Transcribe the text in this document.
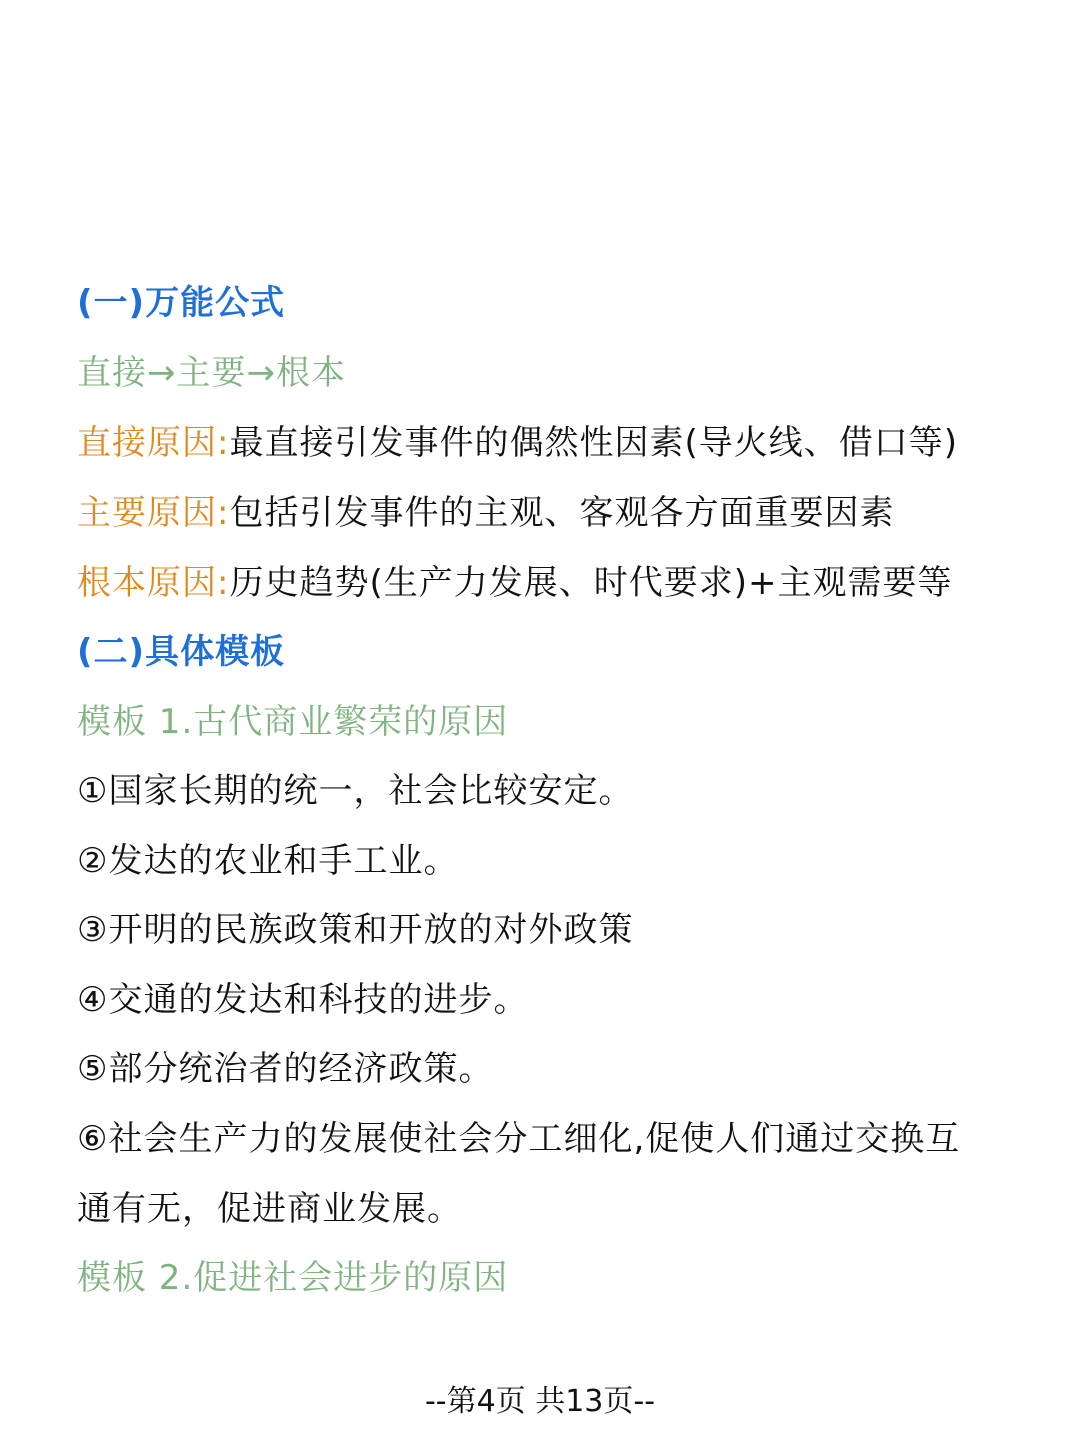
(一)万能公式
直接→主要→根本
直接原因:最直接引发事件的偶然性因素(导火线、借口等)
主要原因:包括引发事件的主观、客观各方面重要因素
根本原因:历史趋势(生产力发展、时代要求)+主观需要等
(二)具体模板
模板 1.古代商业繁荣的原因
①国家长期的统一，社会比较安定。
②发达的农业和手工业。
③开明的民族政策和开放的对外政策
④交通的发达和科技的进步。
⑤部分统治者的经济政策。
⑥社会生产力的发展使社会分工细化,促使人们通过交换互
通有无，促进商业发展。
模板 2.促进社会进步的原因
--第4页 共13页--
